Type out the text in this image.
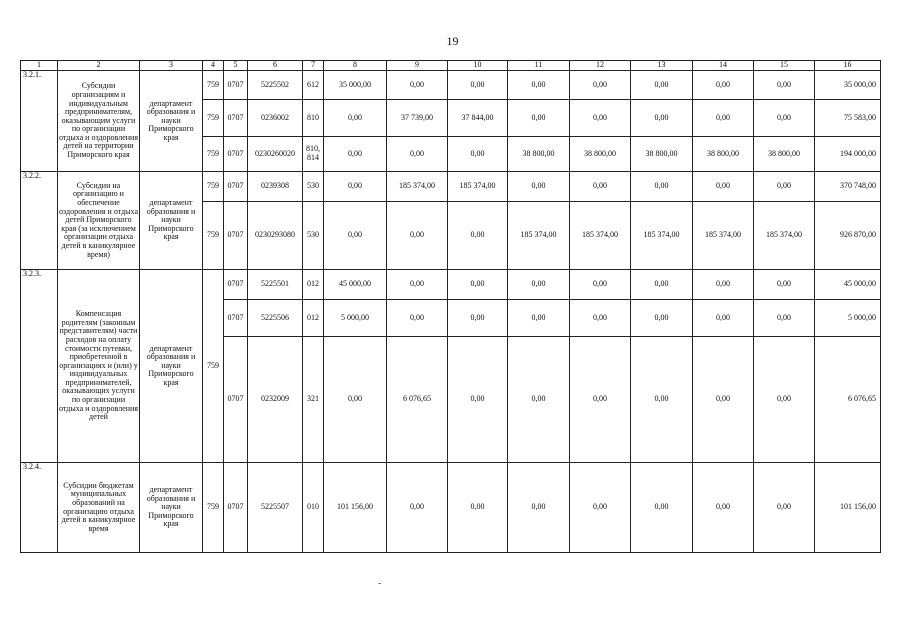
19
1	2	3	4	5	6	7	8	9	10	11	12	13	14	15	16
3.2.1.	Субсидии организациям и индивидуальным предпринимателям, оказывающим услуги по организации отдыха и оздоровления детей на территории Приморского края	департамент образования и науки Приморского края	759	0707	5225502	612	35 000,00	0,00	0,00	0,00	0,00	0,00	0,00	0,00	35 000,00
			759	0707	0236002	810	0,00	37 739,00	37 844,00	0,00	0,00	0,00	0,00	0,00	75 583,00
			759	0707	0230260020	810, 814	0,00	0,00	0,00	38 800,00	38 800,00	38 800,00	38 800,00	38 800,00	194 000,00
3.2.2.	Субсидии на организацию и обеспечение оздоровления и отдыха детей Приморского края (за исключением организации отдыха детей в каникулярное время)	департамент образования и науки Приморского края	759	0707	0239308	530	0,00	185 374,00	185 374,00	0,00	0,00	0,00	0,00	0,00	370 748,00
			759	0707	0230293080	530	0,00	0,00	0,00	185 374,00	185 374,00	185 374,00	185 374,00	185 374,00	926 870,00
3.2.3.	Компенсация родителям (законным представителям) части расходов на оплату стоимости путевки, приобретенной в организациях и (или) у индивидуальных предпринимателей, оказывающих услуги по организации отдыха и оздоровления детей	департамент образования и науки Приморского края	759	0707	5225501	012	45 000,00	0,00	0,00	0,00	0,00	0,00	0,00	0,00	45 000,00
				0707	5225506	012	5 000,00	0,00	0,00	0,00	0,00	0,00	0,00	0,00	5 000,00
				0707	0232009	321	0,00	6 076,65	0,00	0,00	0,00	0,00	0,00	0,00	6 076,65
3.2.4.	Субсидии бюджетам муниципальных образований на организацию отдыха детей в каникулярное время	департамент образования и науки Приморского края	759	0707	5225507	010	101 156,00	0,00	0,00	0,00	0,00	0,00	0,00	0,00	101 156,00
-
